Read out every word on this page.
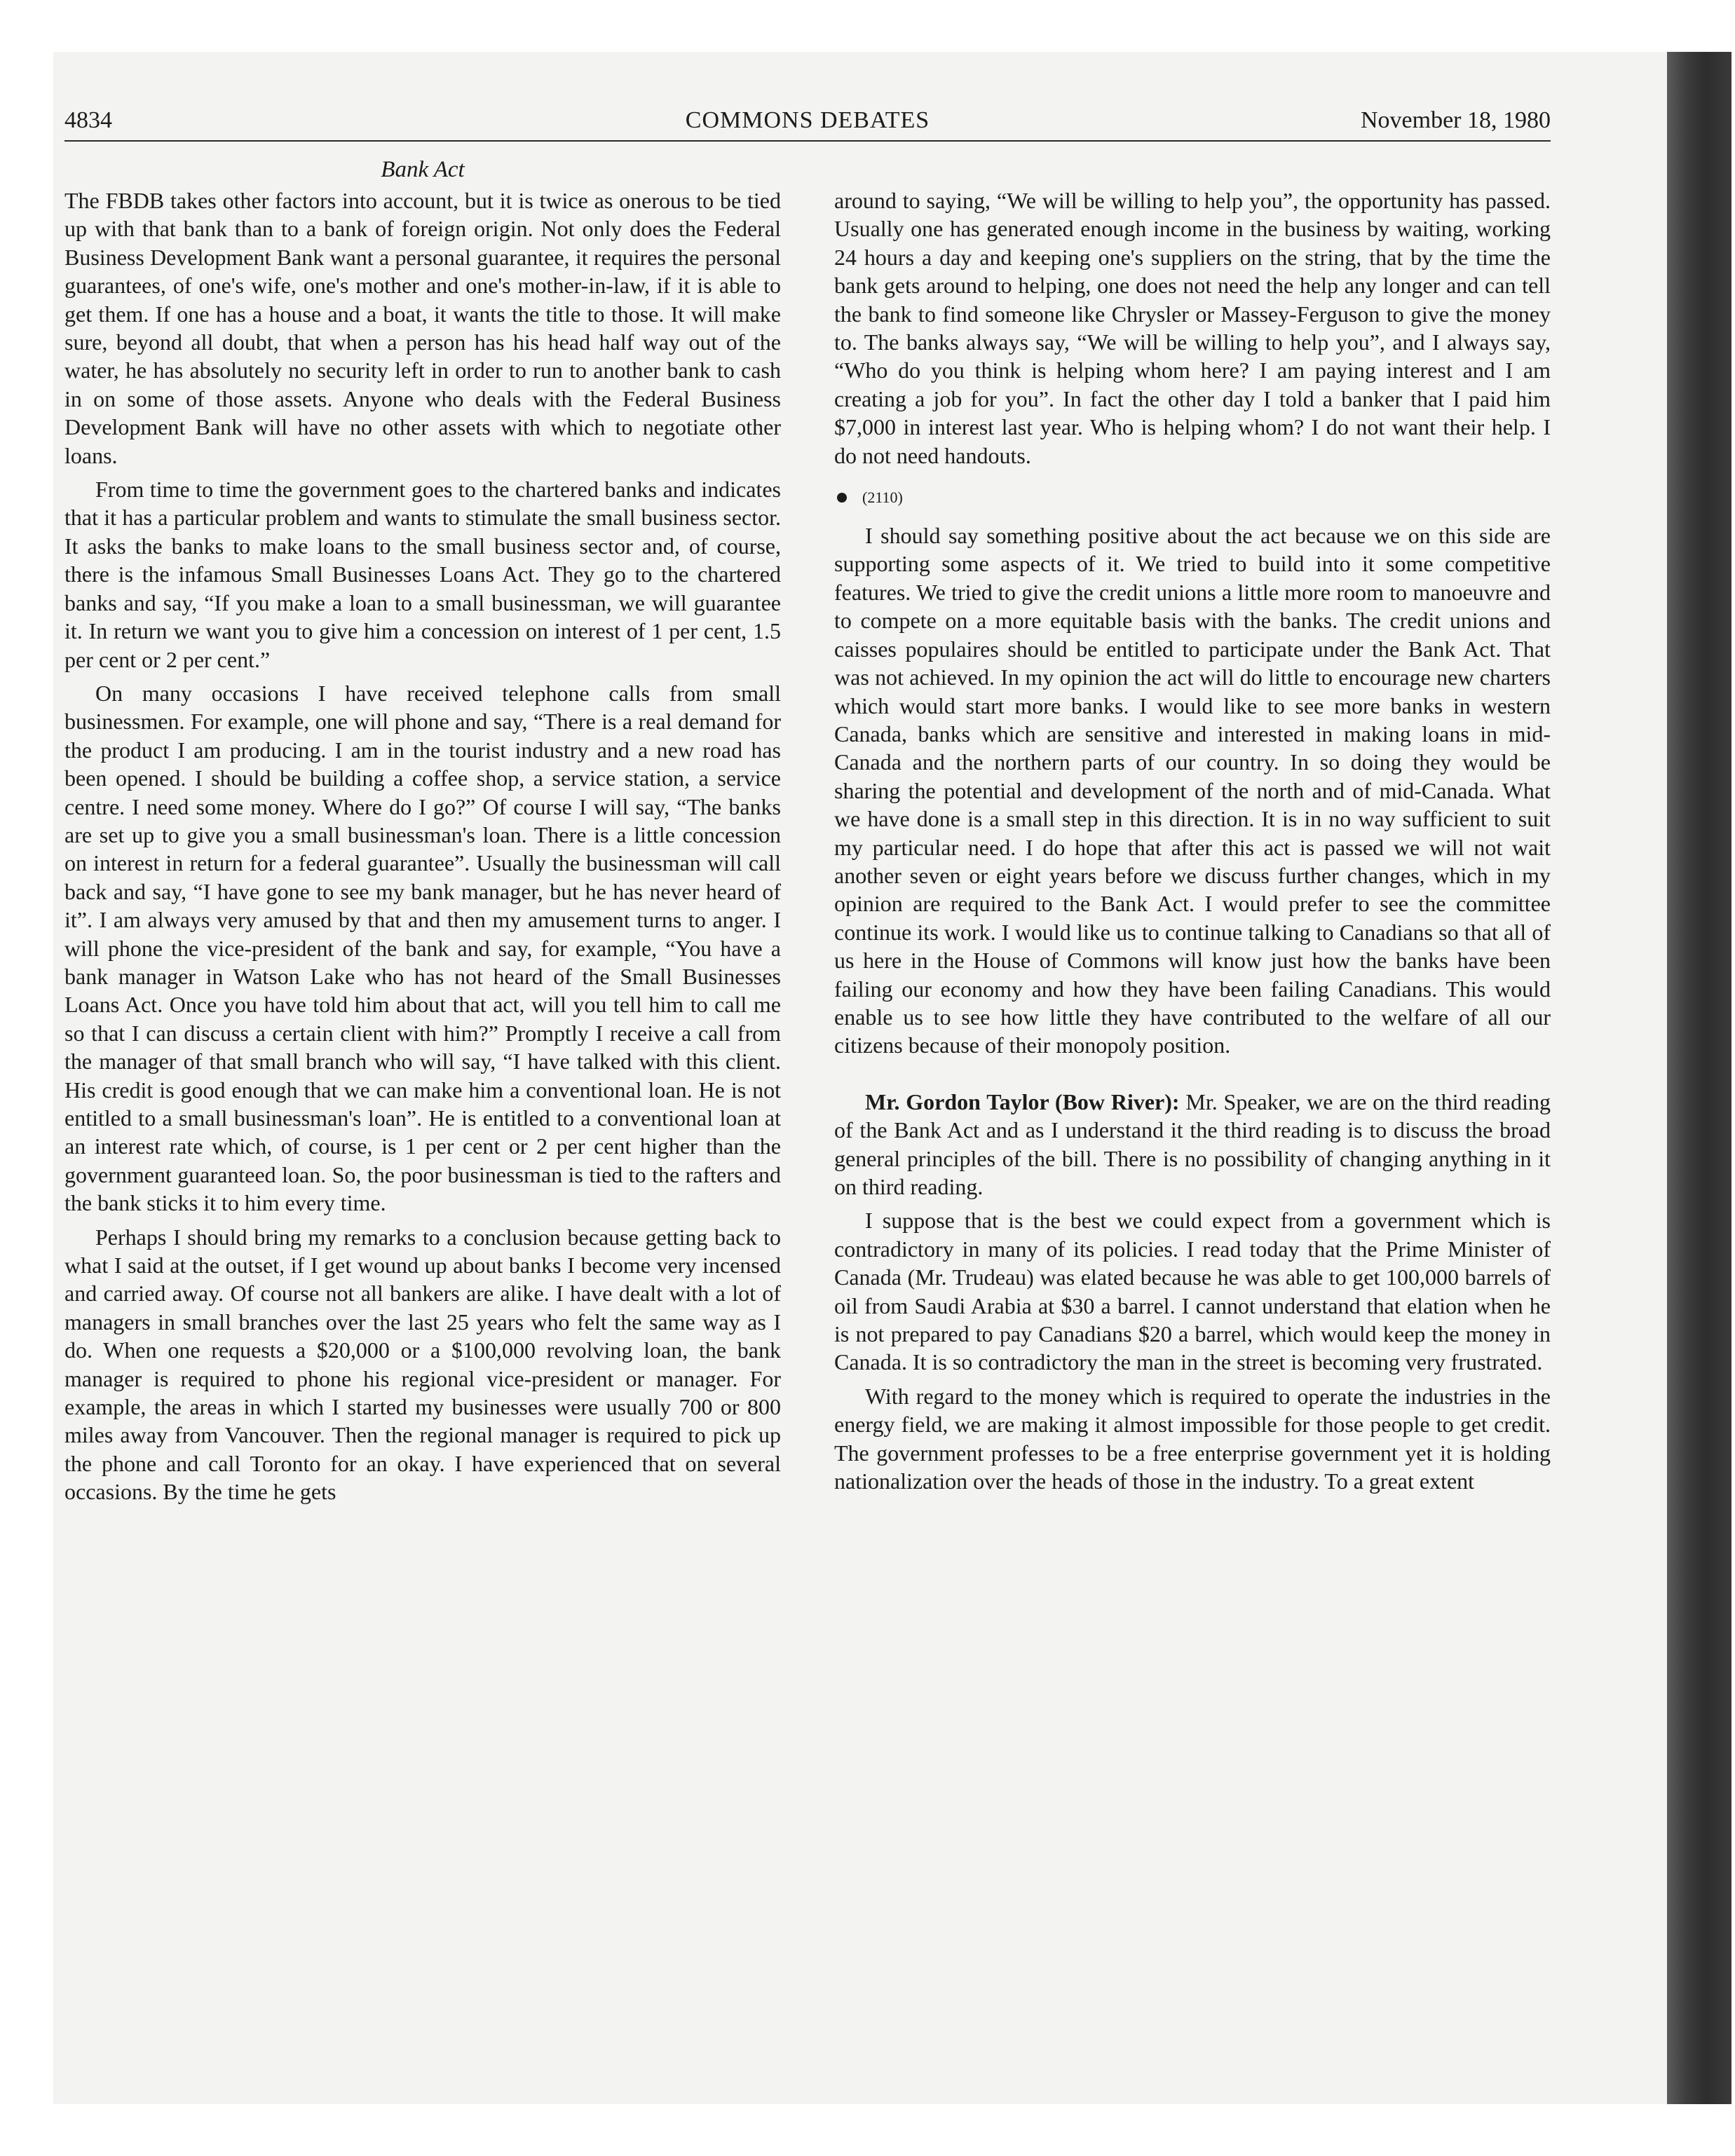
COMMONS DEBATES
4834	November 18, 1980
Bank Act

The FBDB takes other factors into account, but it is twice as onerous to be tied up with that bank than to a bank of foreign origin. Not only does the Federal Business Development Bank want a personal guarantee, it requires the personal guarantees, of one's wife, one's mother and one's mother-in-law, if it is able to get them. If one has a house and a boat, it wants the title to those. It will make sure, beyond all doubt, that when a person has his head half way out of the water, he has absolutely no security left in order to run to another bank to cash in on some of those assets. Anyone who deals with the Federal Business Development Bank will have no other assets with which to negotiate other loans.

From time to time the government goes to the chartered banks and indicates that it has a particular problem and wants to stimulate the small business sector. It asks the banks to make loans to the small business sector and, of course, there is the infamous Small Businesses Loans Act. They go to the chartered banks and say, “If you make a loan to a small businessman, we will guarantee it. In return we want you to give him a concession on interest of 1 per cent, 1.5 per cent or 2 per cent.”

On many occasions I have received telephone calls from small businessmen. For example, one will phone and say, “There is a real demand for the product I am producing. I am in the tourist industry and a new road has been opened. I should be building a coffee shop, a service station, a service centre. I need some money. Where do I go?” Of course I will say, “The banks are set up to give you a small businessman's loan. There is a little concession on interest in return for a federal guarantee”. Usually the businessman will call back and say, “I have gone to see my bank manager, but he has never heard of it”. I am always very amused by that and then my amusement turns to anger. I will phone the vice-president of the bank and say, for example, “You have a bank manager in Watson Lake who has not heard of the Small Businesses Loans Act. Once you have told him about that act, will you tell him to call me so that I can discuss a certain client with him?” Promptly I receive a call from the manager of that small branch who will say, “I have talked with this client. His credit is good enough that we can make him a conventional loan. He is not entitled to a small businessman's loan”. He is entitled to a conventional loan at an interest rate which, of course, is 1 per cent or 2 per cent higher than the government guaranteed loan. So, the poor businessman is tied to the rafters and the bank sticks it to him every time.

Perhaps I should bring my remarks to a conclusion because getting back to what I said at the outset, if I get wound up about banks I become very incensed and carried away. Of course not all bankers are alike. I have dealt with a lot of managers in small branches over the last 25 years who felt the same way as I do. When one requests a $20,000 or a $100,000 revolving loan, the bank manager is required to phone his regional vice-president or manager. For example, the areas in which I started my businesses were usually 700 or 800 miles away from Vancouver. Then the regional manager is required to pick up the phone and call Toronto for an okay. I have experienced that on several occasions. By the time he gets

around to saying, “We will be willing to help you”, the opportunity has passed. Usually one has generated enough income in the business by waiting, working 24 hours a day and keeping one's suppliers on the string, that by the time the bank gets around to helping, one does not need the help any longer and can tell the bank to find someone like Chrysler or Massey-Ferguson to give the money to. The banks always say, “We will be willing to help you”, and I always say, “Who do you think is helping whom here? I am paying interest and I am creating a job for you”. In fact the other day I told a banker that I paid him $7,000 in interest last year. Who is helping whom? I do not want their help. I do not need handouts.

(2110)

I should say something positive about the act because we on this side are supporting some aspects of it. We tried to build into it some competitive features. We tried to give the credit unions a little more room to manoeuvre and to compete on a more equitable basis with the banks. The credit unions and caisses populaires should be entitled to participate under the Bank Act. That was not achieved. In my opinion the act will do little to encourage new charters which would start more banks. I would like to see more banks in western Canada, banks which are sensitive and interested in making loans in mid-Canada and the northern parts of our country. In so doing they would be sharing the potential and development of the north and of mid-Canada. What we have done is a small step in this direction. It is in no way sufficient to suit my particular need. I do hope that after this act is passed we will not wait another seven or eight years before we discuss further changes, which in my opinion are required to the Bank Act. I would prefer to see the committee continue its work. I would like us to continue talking to Canadians so that all of us here in the House of Commons will know just how the banks have been failing our economy and how they have been failing Canadians. This would enable us to see how little they have contributed to the welfare of all our citizens because of their monopoly position.

Mr. Gordon Taylor (Bow River): Mr. Speaker, we are on the third reading of the Bank Act and as I understand it the third reading is to discuss the broad general principles of the bill. There is no possibility of changing anything in it on third reading.

I suppose that is the best we could expect from a government which is contradictory in many of its policies. I read today that the Prime Minister of Canada (Mr. Trudeau) was elated because he was able to get 100,000 barrels of oil from Saudi Arabia at $30 a barrel. I cannot understand that elation when he is not prepared to pay Canadians $20 a barrel, which would keep the money in Canada. It is so contradictory the man in the street is becoming very frustrated.

With regard to the money which is required to operate the industries in the energy field, we are making it almost impossible for those people to get credit. The government professes to be a free enterprise government yet it is holding nationalization over the heads of those in the industry. To a great extent
